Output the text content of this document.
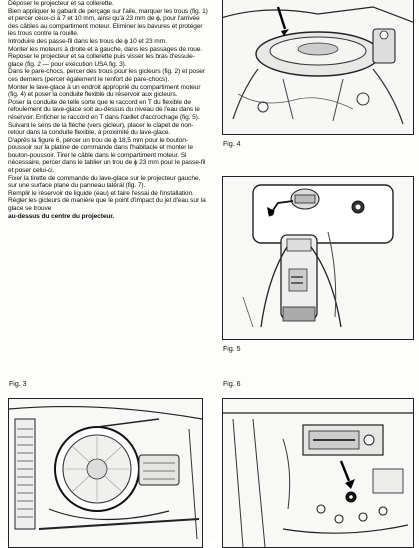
Déposer le projecteur et sa collerette.

Bien appliquer le gabarit de perçage sur l'aile, marquer les trous (fig. 1) et percer ceux-ci à 7 et 10 mm, ainsi qu'à 23 mm de ɸ, pour l'arrivée des câbles au compartiment moteur. Eliminer les bavures et protéger les trous contre la rouille.

Introduire des passe-fil dans les trous de ɸ 10 et 23 mm.

Monter les moteurs à droite et à gauche, dans les passages de roue.

Reposer le projecteur et sa collerette puis visser les bras d'essuie-glace (fig. 2 — pour exécution USA fig. 3).

Dans le pare-chocs, percer des trous pour les gicleurs (fig. 2) et poser ces derniers (percer également le renfort de pare-chocs).

Monter le lave-glace à un endroit approprié du compartiment moteur (fig. 4) et poser la conduite flexible du réservoir aux gicleurs.

Poser la conduite de telle sorte que le raccord en T du flexible de refoulement du lave-glace soit au-dessus du niveau de l'eau dans le réservoir. Enficher le raccord en T dans l'œillet d'accrochage (fig. 5).

Suivant le sens de la flèche (vers gicleur), placer le clapet de non-retour dans la conduite flexible, à proximité du lave-glace.

D'après la figure 6, percer un trou de ɸ 18,5 mm pour le bouton-poussoir sur la platine de commande dans l'habitacle et monter le bouton-poussoir. Tirer le câble dans le compartiment moteur. Si nécessaire, percer dans le tablier un trou de ɸ 23 mm pour le passe-fil et poser celui-ci.

Fixer la tirette de commande du lave-glace sur le projecteur gauche, sur une surface plane du panneau latéral (fig. 7).

Remplir le réservoir de liquide (eau) et faire l'essai de l'installation. Régler les gicleurs de manière que le point d'impact du jet d'eau sur la glace se trouve

au-dessus du centre du projecteur.

Fig. 4
Fig. 5
Fig. 3	Fig. 6
